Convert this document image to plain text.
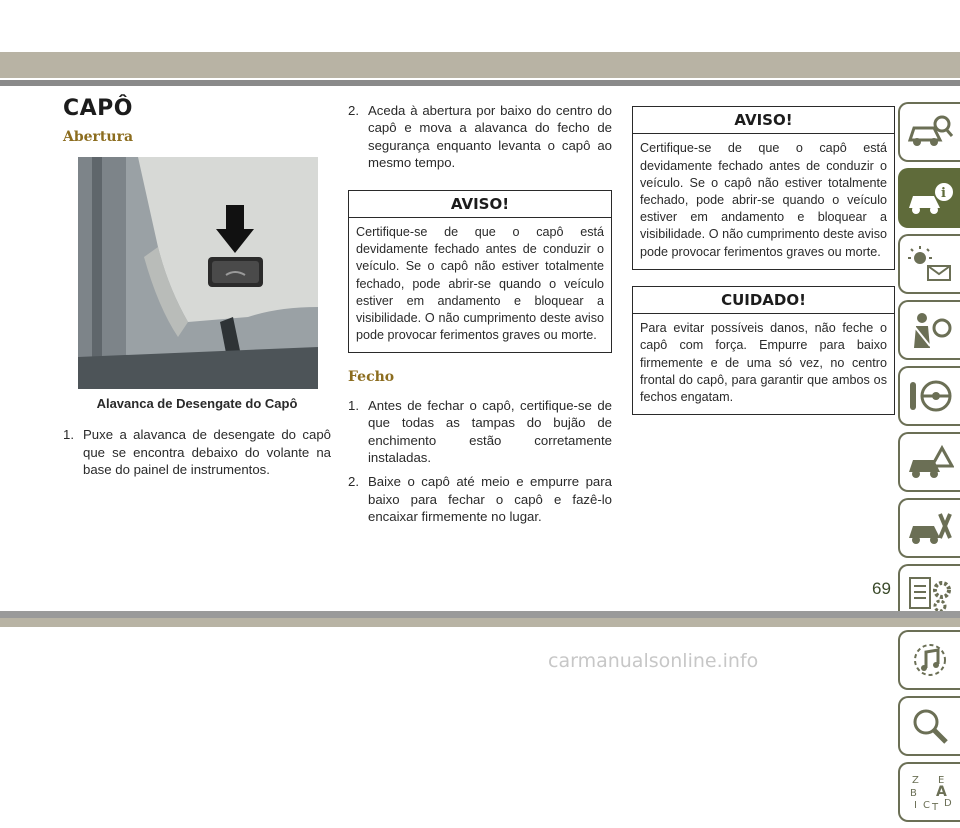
CAPÔ
Abertura
Alavanca de Desengate do Capô
1. Puxe a alavanca de desengate do capô que se encontra debaixo do volante na base do painel de instrumentos.
2. Aceda à abertura por baixo do centro do capô e mova a alavanca do fecho de segurança enquanto levanta o capô ao mesmo tempo.
AVISO!
Certifique-se de que o capô está devidamente fechado antes de conduzir o veículo. Se o capô não estiver totalmente fechado, pode abrir-se quando o veículo estiver em andamento e bloquear a visibilidade. O não cumprimento deste aviso pode provocar ferimentos graves ou morte.
Fecho
1. Antes de fechar o capô, certifique-se de que todas as tampas do bujão de enchimento estão corretamente instaladas.
2. Baixe o capô até meio e empurre para baixo para fechar o capô e fazê-lo encaixar firmemente no lugar.
AVISO!
Certifique-se de que o capô está devidamente fechado antes de conduzir o veículo. Se o capô não estiver totalmente fechado, pode abrir-se quando o veículo estiver em andamento e bloquear a visibilidade. O não cumprimento deste aviso pode provocar ferimentos graves ou morte.
CUIDADO!
Para evitar possíveis danos, não feche o capô com força. Empurre para baixo firmemente e de uma só vez, no centro frontal do capô, para garantir que ambos os fechos engatam.
i
Z E
B A
I C T D
69
carmanualsonline.info
